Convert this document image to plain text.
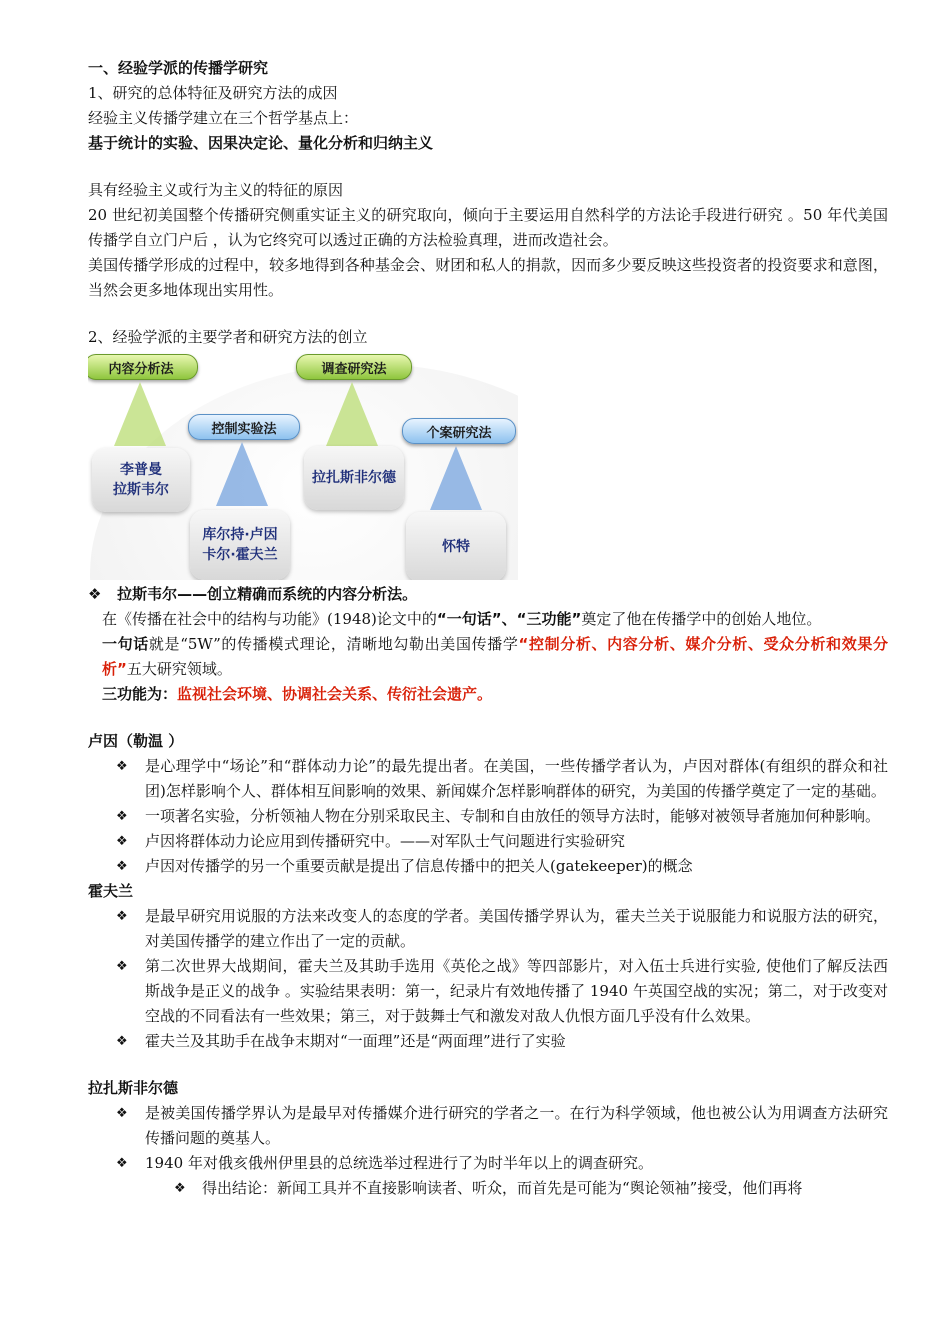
一、经验学派的传播学研究

1、研究的总体特征及研究方法的成因

经验主义传播学建立在三个哲学基点上：

基于统计的实验、因果决定论、量化分析和归纳主义

具有经验主义或行为主义的特征的原因

20 世纪初美国整个传播研究侧重实证主义的研究取向，倾向于主要运用自然科学的方法论手段进行研究 。50 年代美国传播学自立门户后 ，认为它终究可以透过正确的方法检验真理，进而改造社会。

美国传播学形成的过程中，较多地得到各种基金会、财团和私人的捐款，因而多少要反映这些投资者的投资要求和意图，当然会更多地体现出实用性。

2、经验学派的主要学者和研究方法的创立

内容分析法	调查研究法
控制实验法	个案研究法
李普曼
拉斯韦尔
拉扎斯非尔德
库尔持·卢因
卡尔·霍夫兰	怀特

❖ 拉斯韦尔——创立精确而系统的内容分析法。

在《传播在社会中的结构与功能》(1948)论文中的“一句话”、“三功能”奠定了他在传播学中的创始人地位。

一句话就是“5W”的传播模式理论，清晰地勾勒出美国传播学“控制分析、内容分析、媒介分析、受众分析和效果分析”五大研究领域。

三功能为：监视社会环境、协调社会关系、传衍社会遗产。

卢因（勒温 ）

❖ 是心理学中“场论”和“群体动力论”的最先提出者。在美国，一些传播学者认为，卢因对群体(有组织的群众和社团)怎样影响个人、群体相互间影响的效果、新闻媒介怎样影响群体的研究，为美国的传播学奠定了一定的基础。

❖ 一项著名实验，分析领袖人物在分别采取民主、专制和自由放任的领导方法时，能够对被领导者施加何种影响。

❖ 卢因将群体动力论应用到传播研究中。——对军队士气问题进行实验研究

❖ 卢因对传播学的另一个重要贡献是提出了信息传播中的把关人(gatekeeper)的概念

霍夫兰

❖ 是最早研究用说服的方法来改变人的态度的学者。美国传播学界认为，霍夫兰关于说服能力和说服方法的研究，对美国传播学的建立作出了一定的贡献。

❖ 第二次世界大战期间，霍夫兰及其助手选用《英伦之战》等四部影片，对入伍士兵进行实验, 使他们了解反法西斯战争是正义的战争 。实验结果表明：第一，纪录片有效地传播了 1940 午英国空战的实况；第二，对于改变对空战的不同看法有一些效果；第三，对于鼓舞士气和激发对敌人仇恨方面几乎没有什么效果。

❖ 霍夫兰及其助手在战争末期对“一面理”还是“两面理”进行了实验

拉扎斯非尔德

❖ 是被美国传播学界认为是最早对传播媒介进行研究的学者之一。在行为科学领域，他也被公认为用调查方法研究传播问题的奠基人。

❖ 1940 年对俄亥俄州伊里县的总统选举过程进行了为时半年以上的调查研究。

❖ 得出结论：新闻工具并不直接影响读者、听众，而首先是可能为“舆论领袖”接受，他们再将
